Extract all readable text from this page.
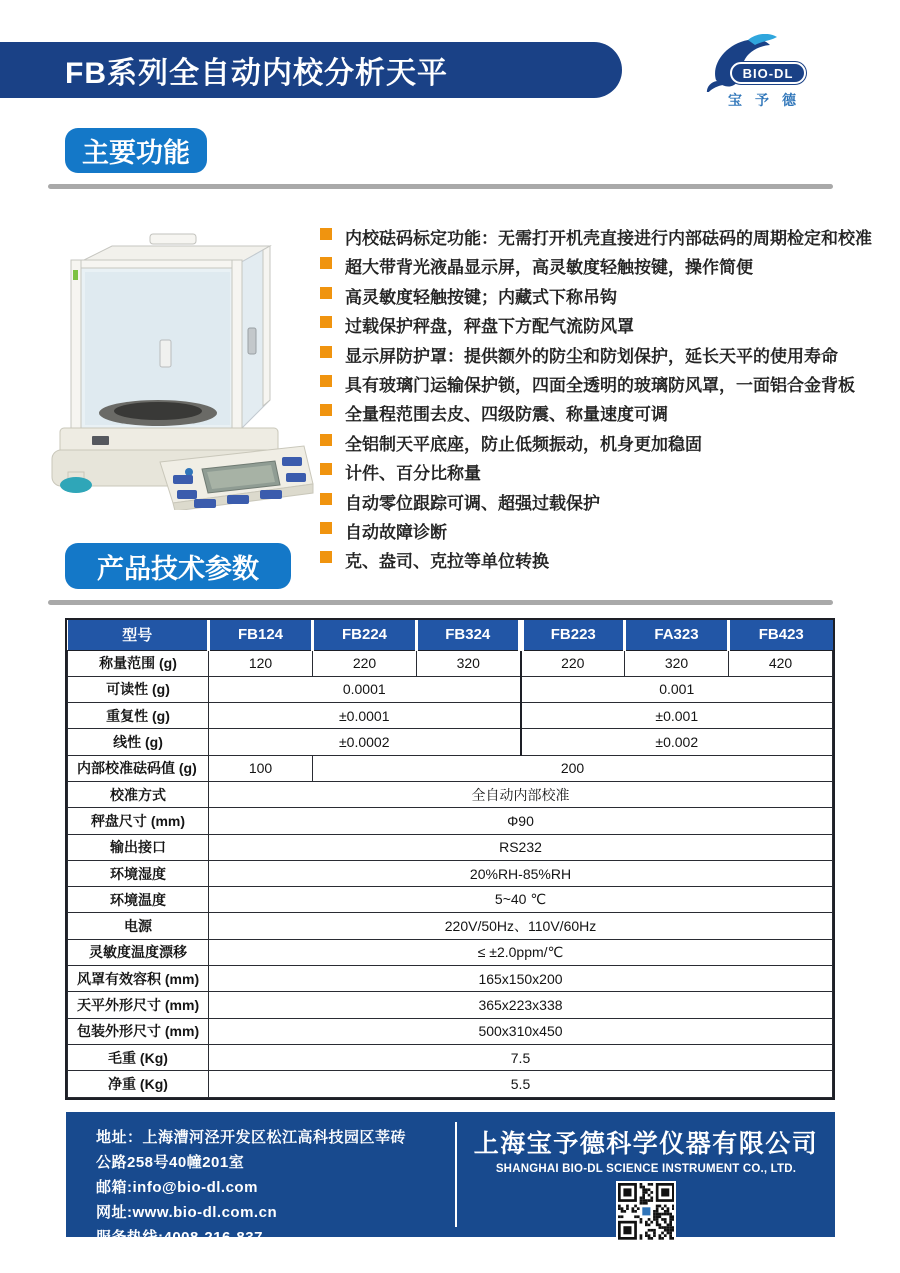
FB系列全自动内校分析天平	BIO-DL
宝予德
主要功能
内校砝码标定功能：无需打开机壳直接进行内部砝码的周期检定和校准
超大带背光液晶显示屏，高灵敏度轻触按键，操作简便
高灵敏度轻触按键；内藏式下称吊钩
过载保护秤盘，秤盘下方配气流防风罩
显示屏防护罩：提供额外的防尘和防划保护，延长天平的使用寿命
具有玻璃门运输保护锁，四面全透明的玻璃防风罩，一面铝合金背板
全量程范围去皮、四级防震、称量速度可调
全铝制天平底座，防止低频振动，机身更加稳固
计件、百分比称量
自动零位跟踪可调、超强过载保护
自动故障诊断
克、盎司、克拉等单位转换
产品技术参数
型号	FB124	FB224	FB324	FB223	FA323	FB423
称量范围 (g)	120	220	320	220	320	420
可读性 (g)	0.0001			0.001		
重复性 (g)	±0.0001			±0.001		
线性 (g)	±0.0002			±0.002		
内部校准砝码值 (g)	100	200				
校准方式	全自动内部校准					
秤盘尺寸 (mm)	Φ90					
输出接口	RS232					
环境湿度	20%RH-85%RH					
环境温度	5~40 ℃					
电源	220V/50Hz、110V/60Hz					
灵敏度温度漂移	≤ ±2.0ppm/℃					
风罩有效容积 (mm)	165x150x200					
天平外形尺寸 (mm)	365x223x338					
包装外形尺寸 (mm)	500x310x450					
毛重 (Kg)	7.5					
净重 (Kg)	5.5					
地址：上海漕河泾开发区松江高科技园区莘砖
公路258号40幢201室
邮箱:info@bio-dl.com
网址:www.bio-dl.com.cn
服务热线:4008-216-837
上海宝予德科学仪器有限公司
SHANGHAI BIO-DL SCIENCE INSTRUMENT CO., LTD.
